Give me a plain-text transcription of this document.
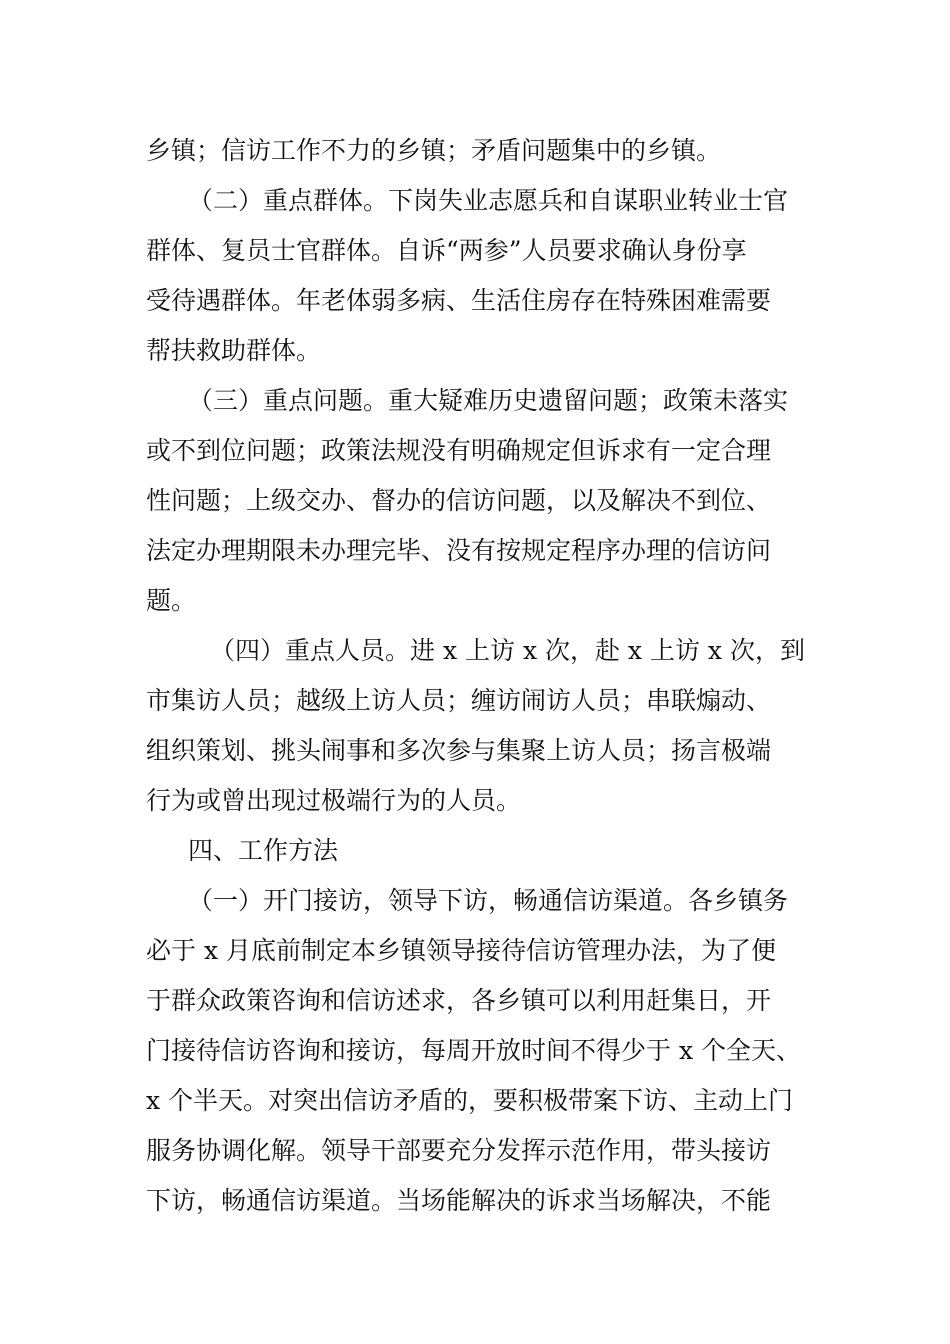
乡镇；信访工作不力的乡镇；矛盾问题集中的乡镇。
（二）重点群体。下岗失业志愿兵和自谋职业转业士官
群体、复员士官群体。自诉“两参”人员要求确认身份享
受待遇群体。年老体弱多病、生活住房存在特殊困难需要
帮扶救助群体。
（三）重点问题。重大疑难历史遗留问题；政策未落实
或不到位问题；政策法规没有明确规定但诉求有一定合理
性问题；上级交办、督办的信访问题，以及解决不到位、
法定办理期限未办理完毕、没有按规定程序办理的信访问
题。
（四）重点人员。进 x 上访 x 次，赴 x 上访 x 次，到
市集访人员；越级上访人员；缠访闹访人员；串联煽动、
组织策划、挑头闹事和多次参与集聚上访人员；扬言极端
行为或曾出现过极端行为的人员。
四、工作方法
（一）开门接访，领导下访，畅通信访渠道。各乡镇务
必于 x 月底前制定本乡镇领导接待信访管理办法，为了便
于群众政策咨询和信访述求，各乡镇可以利用赶集日，开
门接待信访咨询和接访，每周开放时间不得少于 x 个全天、
x 个半天。对突出信访矛盾的，要积极带案下访、主动上门
服务协调化解。领导干部要充分发挥示范作用，带头接访
下访，畅通信访渠道。当场能解决的诉求当场解决，不能
